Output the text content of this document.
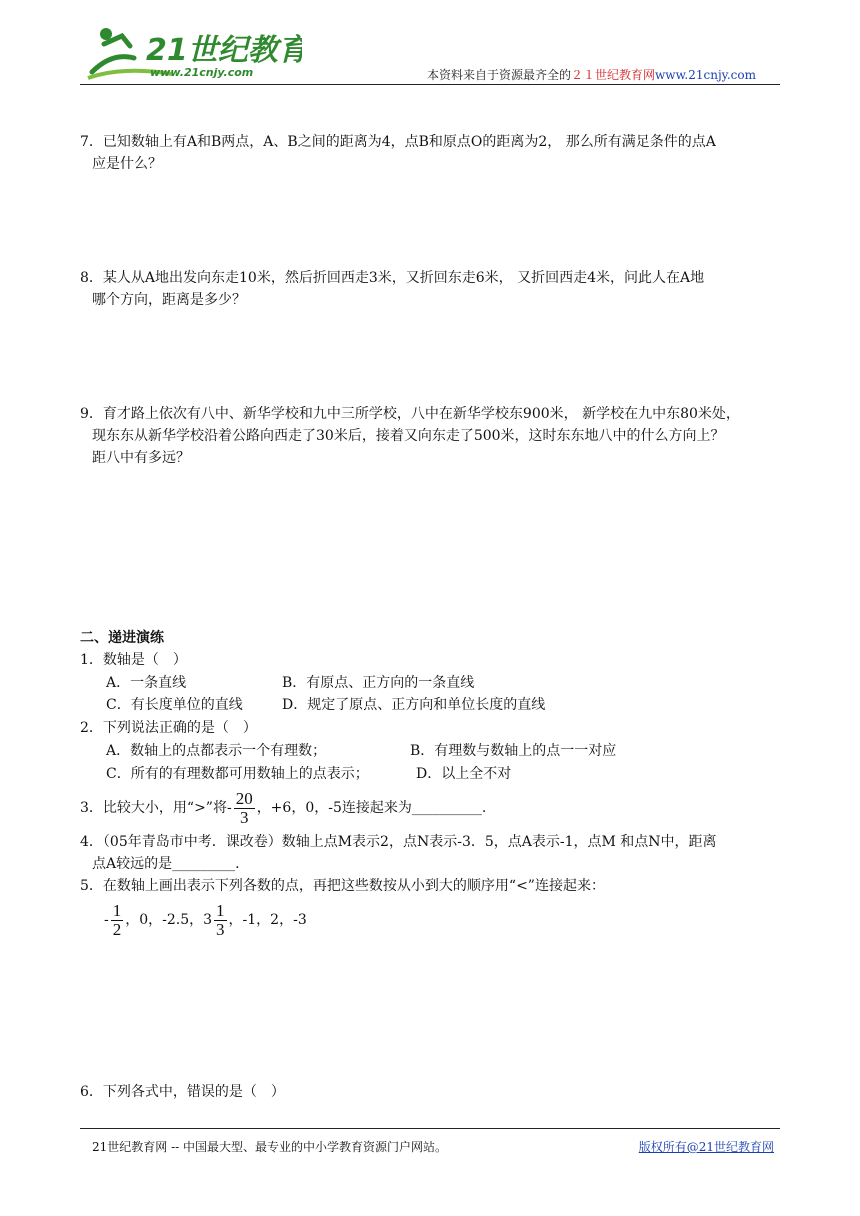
21世纪教育
www.21cnjy.com	本资料来自于资源最齐全的２１世纪教育网www.21cnjy.com
7．已知数轴上有A和B两点，A、B之间的距离为4，点B和原点O的距离为2， 那么所有满足条件的点A
应是什么？
8．某人从A地出发向东走10米，然后折回西走3米，又折回东走6米， 又折回西走4米，问此人在A地
哪个方向，距离是多少？
9．育才路上依次有八中、新华学校和九中三所学校，八中在新华学校东900米， 新学校在九中东80米处，
现东东从新华学校沿着公路向西走了30米后，接着又向东走了500米，这时东东地八中的什么方向上？
距八中有多远？
二、递进演练
1．数轴是（　）
A．一条直线	B．有原点、正方向的一条直线
C．有长度单位的直线	D．规定了原点、正方向和单位长度的直线
2．下列说法正确的是（　）
A．数轴上的点都表示一个有理数；	B．有理数与数轴上的点一一对应
C．所有的有理数都可用数轴上的点表示；	D．以上全不对
3．比较大小，用“>”将- $\frac{20}{3}$ ，+6，0，-5连接起来为__________.
4．（05年青岛市中考．课改卷）数轴上点M表示2，点N表示-3．5，点A表示-1，点M 和点N中，距离
点A较远的是_________.
5．在数轴上画出表示下列各数的点，再把这些数按从小到大的顺序用“<”连接起来：
- $\frac{1}{2}$ ，0，-2.5，$3 \frac{1}{3}$ ，-1，2，-3
6．下列各式中，错误的是（　）
21世纪教育网 -- 中国最大型、最专业的中小学教育资源门户网站。	版权所有@21世纪教育网
